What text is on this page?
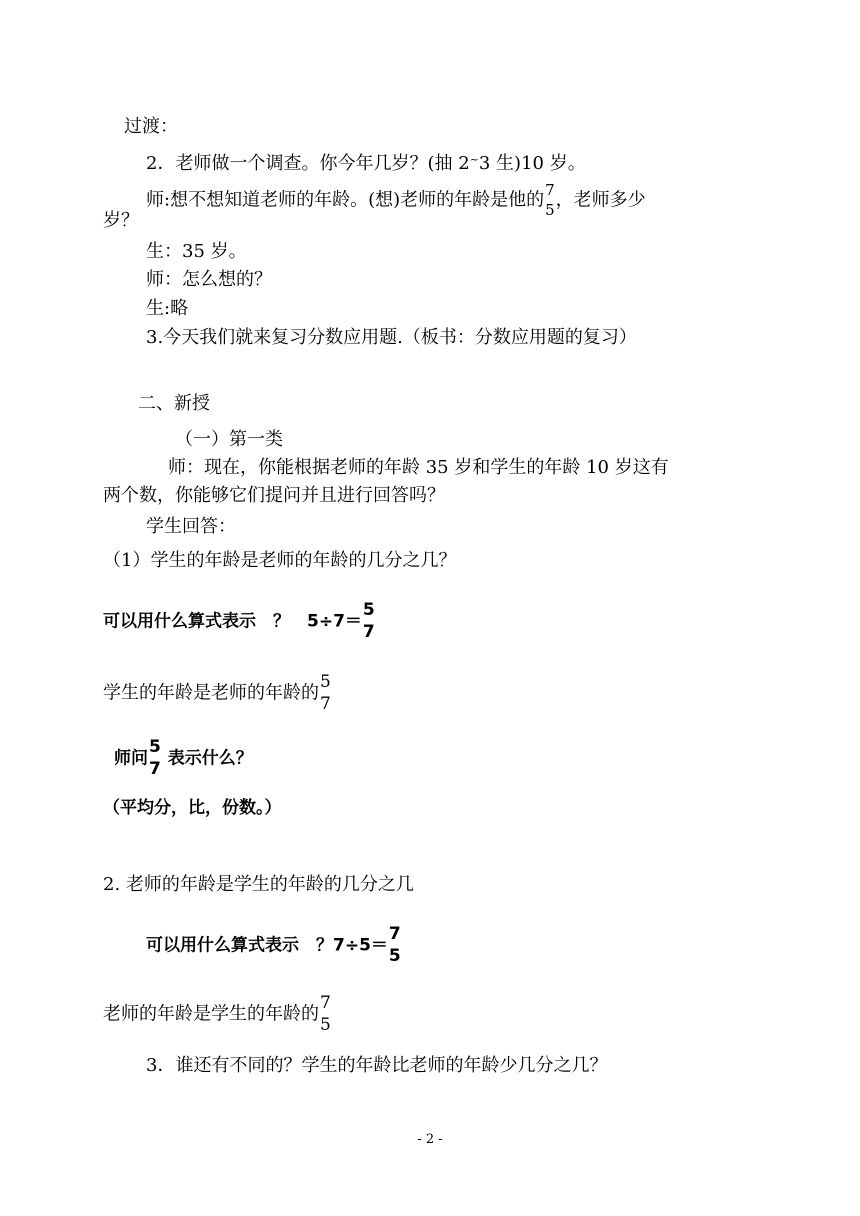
过渡：
2．老师做一个调查。你今年几岁？(抽 2~3 生)10 岁。
师:想不想知道老师的年龄。(想)老师的年龄是他的 $\frac{7}{5}$ ，老师多少
岁？
生：35 岁。
师：怎么想的？
生:略
3.今天我们就来复习分数应用题.（板书：分数应用题的复习）
二、新授
（一）第一类
师：现在，你能根据老师的年龄 35 岁和学生的年龄 10 岁这有
两个数，你能够它们提问并且进行回答吗？
学生回答：
（1）学生的年龄是老师的年龄的几分之几？
可以用什么算式表示　？　$5\div 7= \frac{5}{7}$
学生的年龄是老师的年龄的 $\frac{5}{7}$
师问 $\frac{5}{7}$ 表示什么？
（平均分，比，份数。）
2. 老师的年龄是学生的年龄的几分之几
可以用什么算式表示　？$7\div 5= \frac{7}{5}$
老师的年龄是学生的年龄的 $\frac{7}{5}$
3．谁还有不同的？学生的年龄比老师的年龄少几分之几？
- 2 -
